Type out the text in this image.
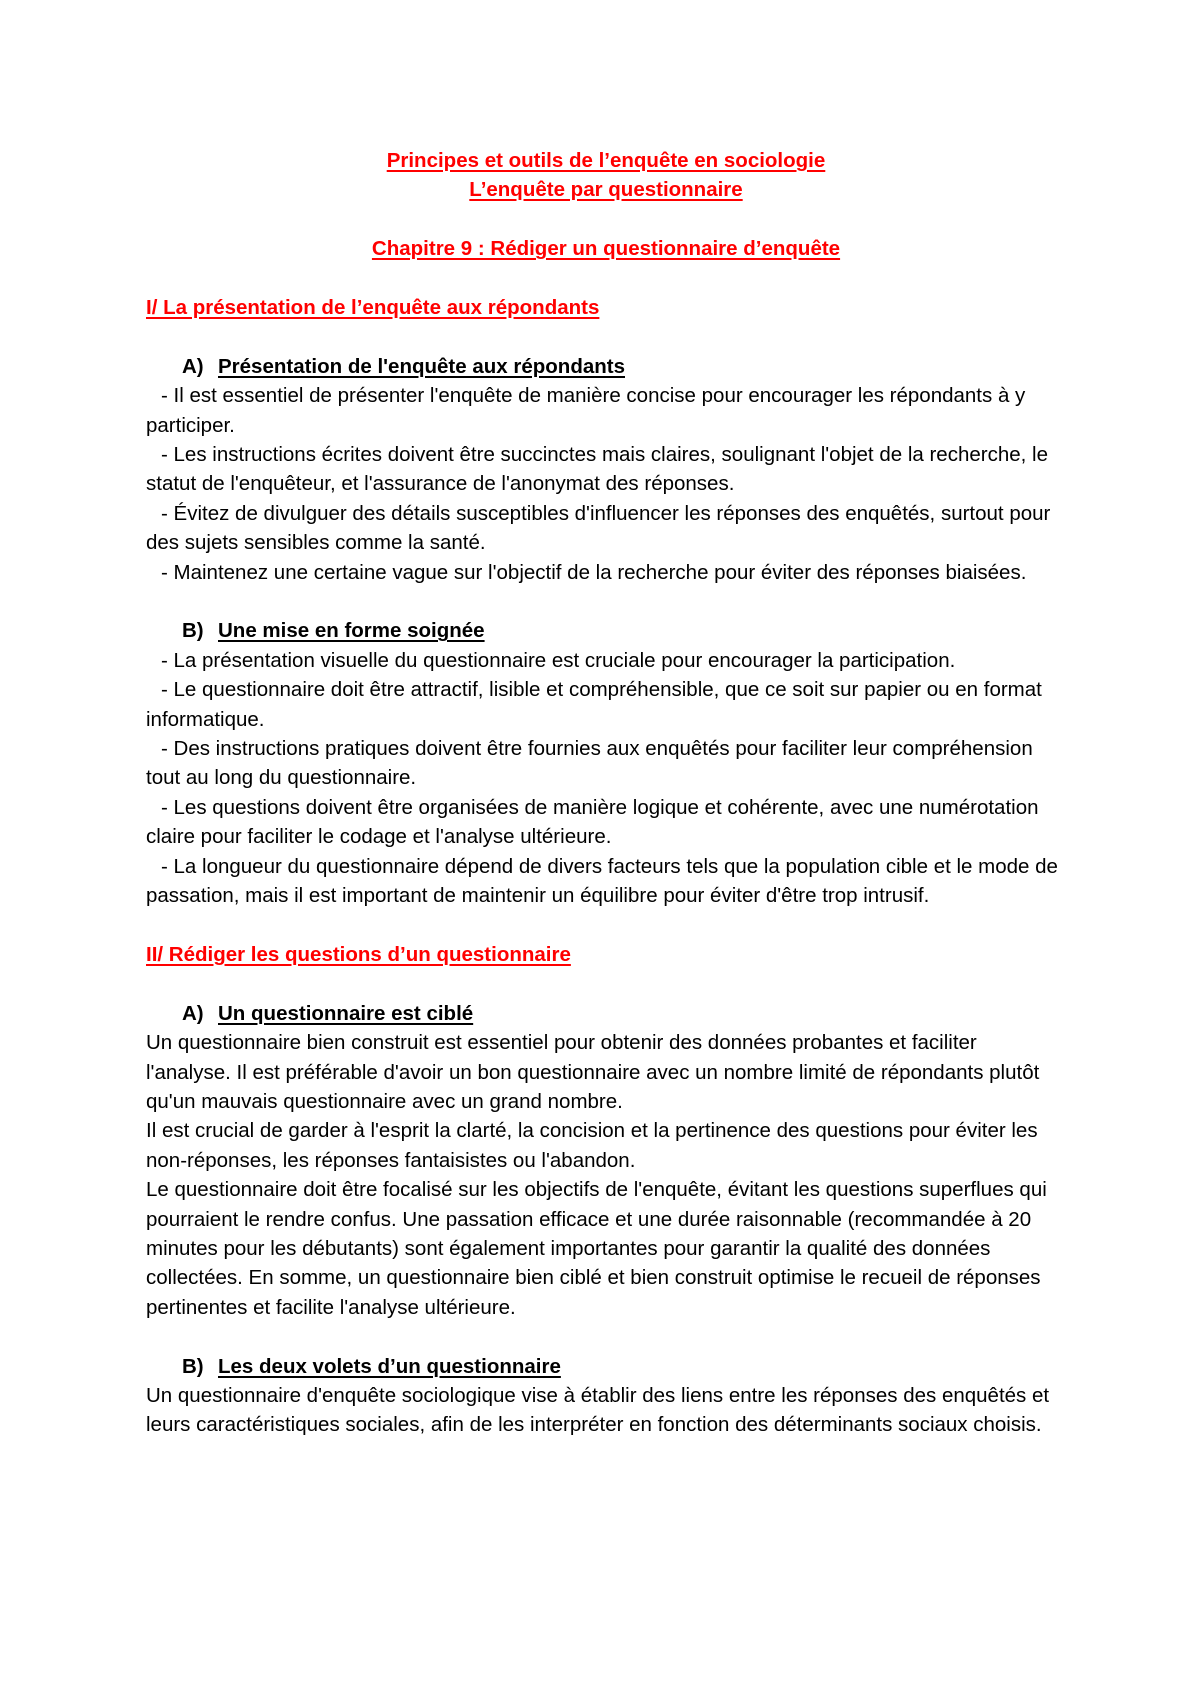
Principes et outils de l’enquête en sociologie
L’enquête par questionnaire
Chapitre 9 : Rédiger un questionnaire d’enquête
I/ La présentation de l’enquête aux répondants
A) Présentation de l'enquête aux répondants

- Il est essentiel de présenter l'enquête de manière concise pour encourager les répondants à y participer.

- Les instructions écrites doivent être succinctes mais claires, soulignant l'objet de la recherche, le statut de l'enquêteur, et l'assurance de l'anonymat des réponses.

- Évitez de divulguer des détails susceptibles d'influencer les réponses des enquêtés, surtout pour des sujets sensibles comme la santé.

- Maintenez une certaine vague sur l'objectif de la recherche pour éviter des réponses biaisées.

B) Une mise en forme soignée

- La présentation visuelle du questionnaire est cruciale pour encourager la participation.

- Le questionnaire doit être attractif, lisible et compréhensible, que ce soit sur papier ou en format informatique.

- Des instructions pratiques doivent être fournies aux enquêtés pour faciliter leur compréhension tout au long du questionnaire.

- Les questions doivent être organisées de manière logique et cohérente, avec une numérotation claire pour faciliter le codage et l'analyse ultérieure.

- La longueur du questionnaire dépend de divers facteurs tels que la population cible et le mode de passation, mais il est important de maintenir un équilibre pour éviter d'être trop intrusif.

II/ Rédiger les questions d’un questionnaire
A) Un questionnaire est ciblé

Un questionnaire bien construit est essentiel pour obtenir des données probantes et faciliter l'analyse. Il est préférable d'avoir un bon questionnaire avec un nombre limité de répondants plutôt qu'un mauvais questionnaire avec un grand nombre.

Il est crucial de garder à l'esprit la clarté, la concision et la pertinence des questions pour éviter les non-réponses, les réponses fantaisistes ou l'abandon.

Le questionnaire doit être focalisé sur les objectifs de l'enquête, évitant les questions superflues qui pourraient le rendre confus. Une passation efficace et une durée raisonnable (recommandée à 20 minutes pour les débutants) sont également importantes pour garantir la qualité des données collectées. En somme, un questionnaire bien ciblé et bien construit optimise le recueil de réponses pertinentes et facilite l'analyse ultérieure.

B) Les deux volets d’un questionnaire

Un questionnaire d'enquête sociologique vise à établir des liens entre les réponses des enquêtés et leurs caractéristiques sociales, afin de les interpréter en fonction des déterminants sociaux choisis.
